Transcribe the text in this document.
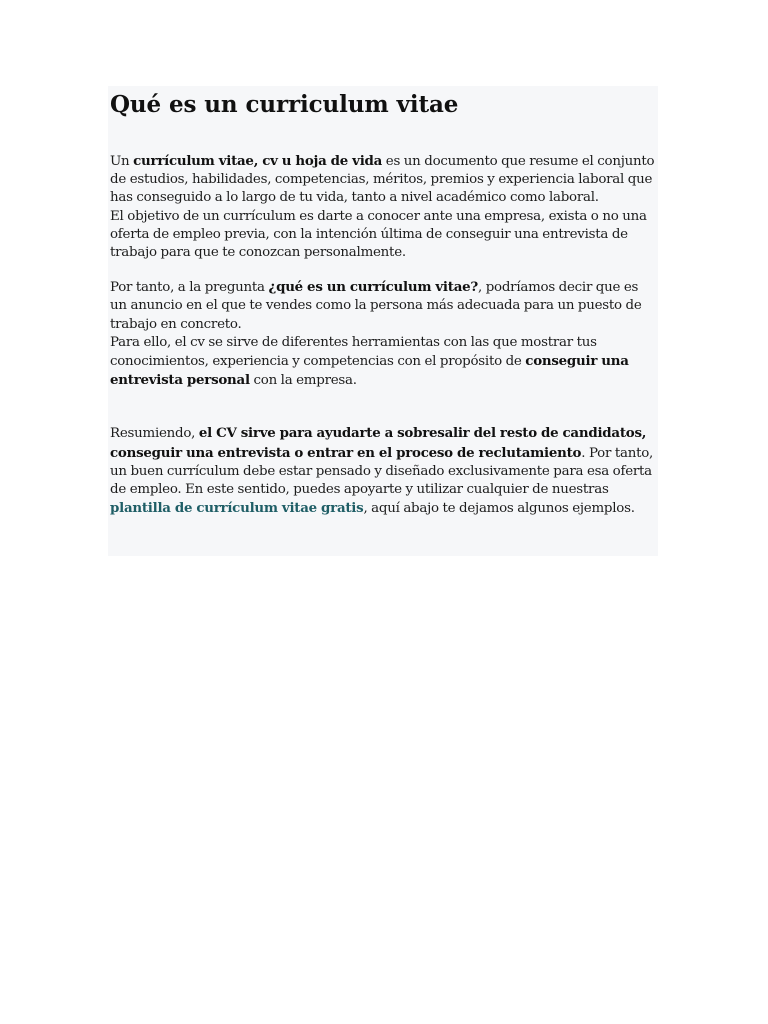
Qué es un curriculum vitae

Un currículum vitae, cv u hoja de vida es un documento que resume el conjunto de estudios, habilidades, competencias, méritos, premios y experiencia laboral que has conseguido a lo largo de tu vida, tanto a nivel académico como laboral.

El objetivo de un currículum es darte a conocer ante una empresa, exista o no una oferta de empleo previa, con la intención última de conseguir una entrevista de trabajo para que te conozcan personalmente.

Por tanto, a la pregunta ¿qué es un currículum vitae?, podríamos decir que es un anuncio en el que te vendes como la persona más adecuada para un puesto de trabajo en concreto.

Para ello, el cv se sirve de diferentes herramientas con las que mostrar tus conocimientos, experiencia y competencias con el propósito de conseguir una entrevista personal con la empresa.

Resumiendo, el CV sirve para ayudarte a sobresalir del resto de candidatos, conseguir una entrevista o entrar en el proceso de reclutamiento. Por tanto, un buen currículum debe estar pensado y diseñado exclusivamente para esa oferta de empleo. En este sentido, puedes apoyarte y utilizar cualquier de nuestras plantilla de currículum vitae gratis, aquí abajo te dejamos algunos ejemplos.
